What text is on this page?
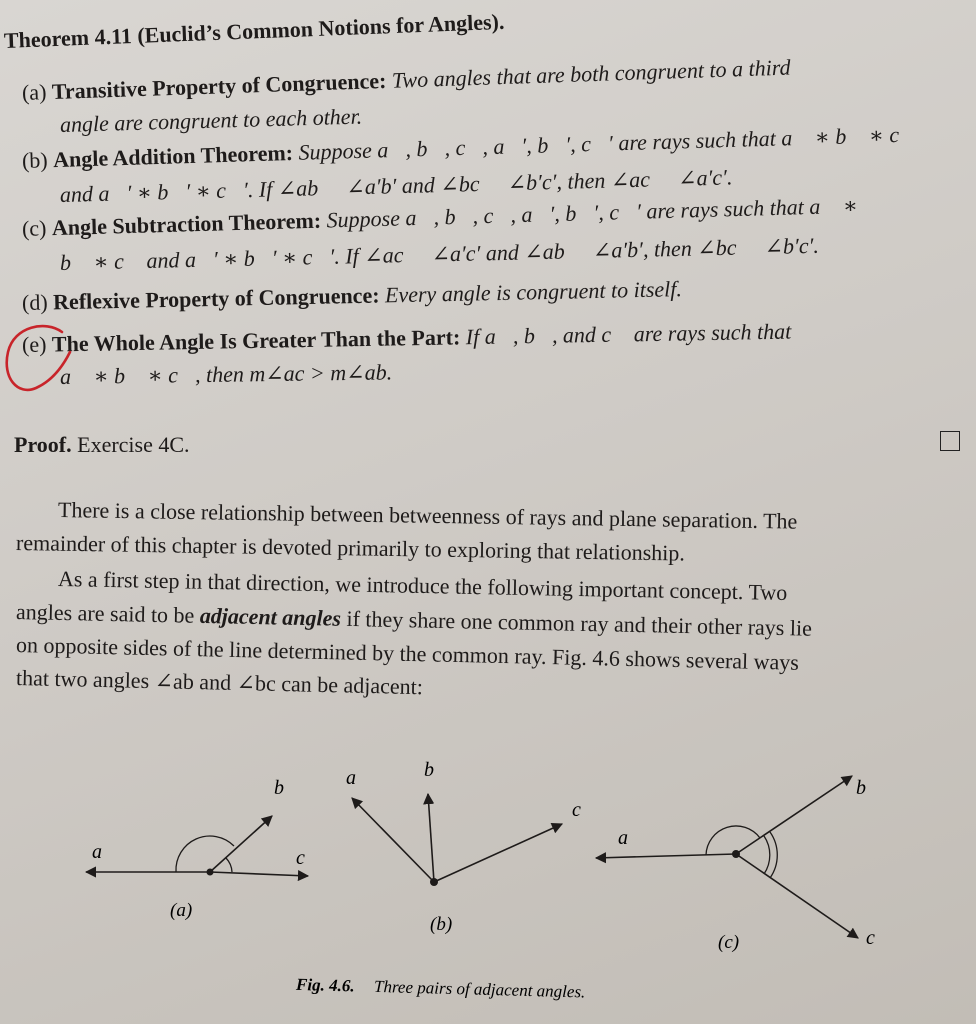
Theorem 4.11 (Euclid’s Common Notions for Angles).
(a) Transitive Property of Congruence: Two angles that are both congruent to a third
angle are congruent to each other.
(b) Angle Addition Theorem: Suppose a⃗, b⃗, c⃗, a⃗′, b⃗′, c⃗′ are rays such that a⃗ ∗ b⃗ ∗ c⃗
and a⃗′ ∗ b⃗′ ∗ c⃗′. If ∠ab ≅ ∠a′b′ and ∠bc ≅ ∠b′c′, then ∠ac ≅ ∠a′c′.
(c) Angle Subtraction Theorem: Suppose a⃗, b⃗, c⃗, a⃗′, b⃗′, c⃗′ are rays such that a⃗ ∗
b⃗ ∗ c⃗ and a⃗′ ∗ b⃗′ ∗ c⃗′. If ∠ac ≅ ∠a′c′ and ∠ab ≅ ∠a′b′, then ∠bc ≅ ∠b′c′.
(d) Reflexive Property of Congruence: Every angle is congruent to itself.
(e) The Whole Angle Is Greater Than the Part: If a⃗, b⃗, and c⃗ are rays such that
a⃗ ∗ b⃗ ∗ c⃗, then m∠ac > m∠ab.
Proof. Exercise 4C.
There is a close relationship between betweenness of rays and plane separation. The
remainder of this chapter is devoted primarily to exploring that relationship.
As a first step in that direction, we introduce the following important concept. Two
angles are said to be adjacent angles if they share one common ray and their other rays lie
on opposite sides of the line determined by the common ray. Fig. 4.6 shows several ways
that two angles ∠ab and ∠bc can be adjacent:
a⃗
b⃗
c⃗
(a)
a⃗	b⃗
c⃗
(b)
a⃗
b⃗
c⃗
(c)
Fig. 4.6. Three pairs of adjacent angles.
